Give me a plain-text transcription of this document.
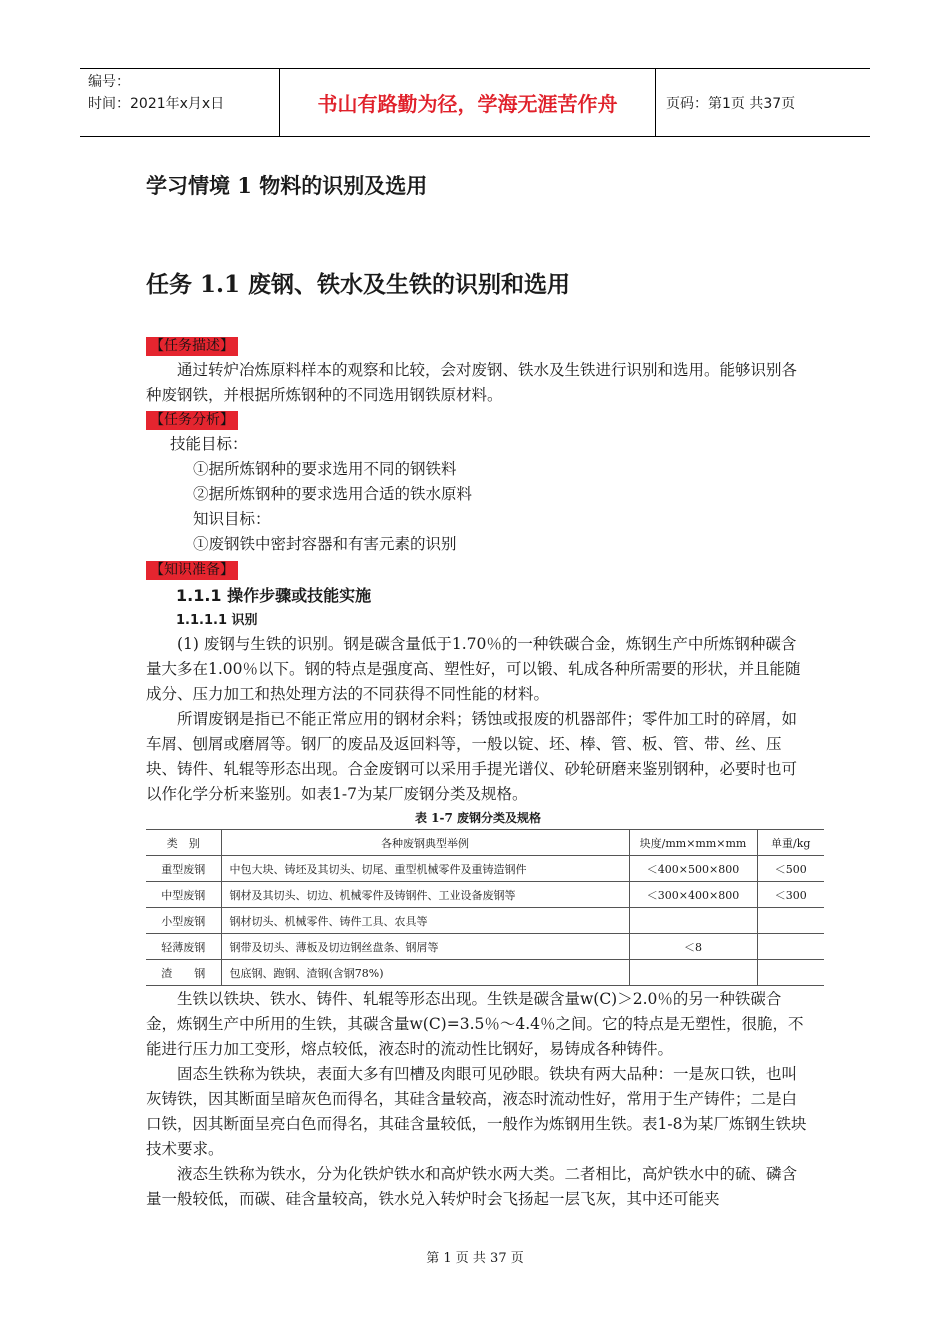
编号：
时间：2021年x月x日	书山有路勤为径，学海无涯苦作舟	页码：第1页 共37页
学习情境 1 物料的识别及选用
任务 1.1 废钢、铁水及生铁的识别和选用
【任务描述】

通过转炉冶炼原料样本的观察和比较，会对废钢、铁水及生铁进行识别和选用。能够识别各种废钢铁，并根据所炼钢种的不同选用钢铁原材料。

【任务分析】
技能目标：
①据所炼钢种的要求选用不同的钢铁料
②据所炼钢种的要求选用合适的铁水原料
知识目标：
①废钢铁中密封容器和有害元素的识别
【知识准备】
1.1.1 操作步骤或技能实施
1.1.1.1 识别

(1) 废钢与生铁的识别。钢是碳含量低于1.70％的一种铁碳合金，炼钢生产中所炼钢种碳含量大多在1.00％以下。钢的特点是强度高、塑性好，可以锻、轧成各种所需要的形状，并且能随成分、压力加工和热处理方法的不同获得不同性能的材料。

所谓废钢是指已不能正常应用的钢材余料；锈蚀或报废的机器部件；零件加工时的碎屑，如车屑、刨屑或磨屑等。钢厂的废品及返回料等，一般以锭、坯、棒、管、板、管、带、丝、压块、铸件、轧辊等形态出现。合金废钢可以采用手提光谱仪、砂轮研磨来鉴别钢种，必要时也可以作化学分析来鉴别。如表1-7为某厂废钢分类及规格。

表 1-7 废钢分类及规格
类　别	各种废钢典型举例	块度/mm×mm×mm	单重/kg
重型废钢	中包大块、铸坯及其切头、切尾、重型机械零件及重铸造钢件	＜400×500×800	＜500
中型废钢	钢材及其切头、切边、机械零件及铸钢件、工业设备废钢等	＜300×400×800	＜300
小型废钢	钢材切头、机械零件、铸件工具、农具等		
轻薄废钢	钢带及切头、薄板及切边钢丝盘条、钢屑等	＜8	
渣　　钢	包底钢、跑钢、渣钢(含钢78%)		

生铁以铁块、铁水、铸件、轧辊等形态出现。生铁是碳含量w(C)＞2.0％的另一种铁碳合金，炼钢生产中所用的生铁，其碳含量w(C)=3.5％～4.4％之间。它的特点是无塑性，很脆，不能进行压力加工变形，熔点较低，液态时的流动性比钢好，易铸成各种铸件。

固态生铁称为铁块，表面大多有凹槽及肉眼可见砂眼。铁块有两大品种：一是灰口铁，也叫灰铸铁，因其断面呈暗灰色而得名，其硅含量较高，液态时流动性好，常用于生产铸件；二是白口铁，因其断面呈亮白色而得名，其硅含量较低，一般作为炼钢用生铁。表1-8为某厂炼钢生铁块技术要求。

液态生铁称为铁水，分为化铁炉铁水和高炉铁水两大类。二者相比，高炉铁水中的硫、磷含量一般较低，而碳、硅含量较高，铁水兑入转炉时会飞扬起一层飞灰，其中还可能夹

第 1 页 共 37 页
